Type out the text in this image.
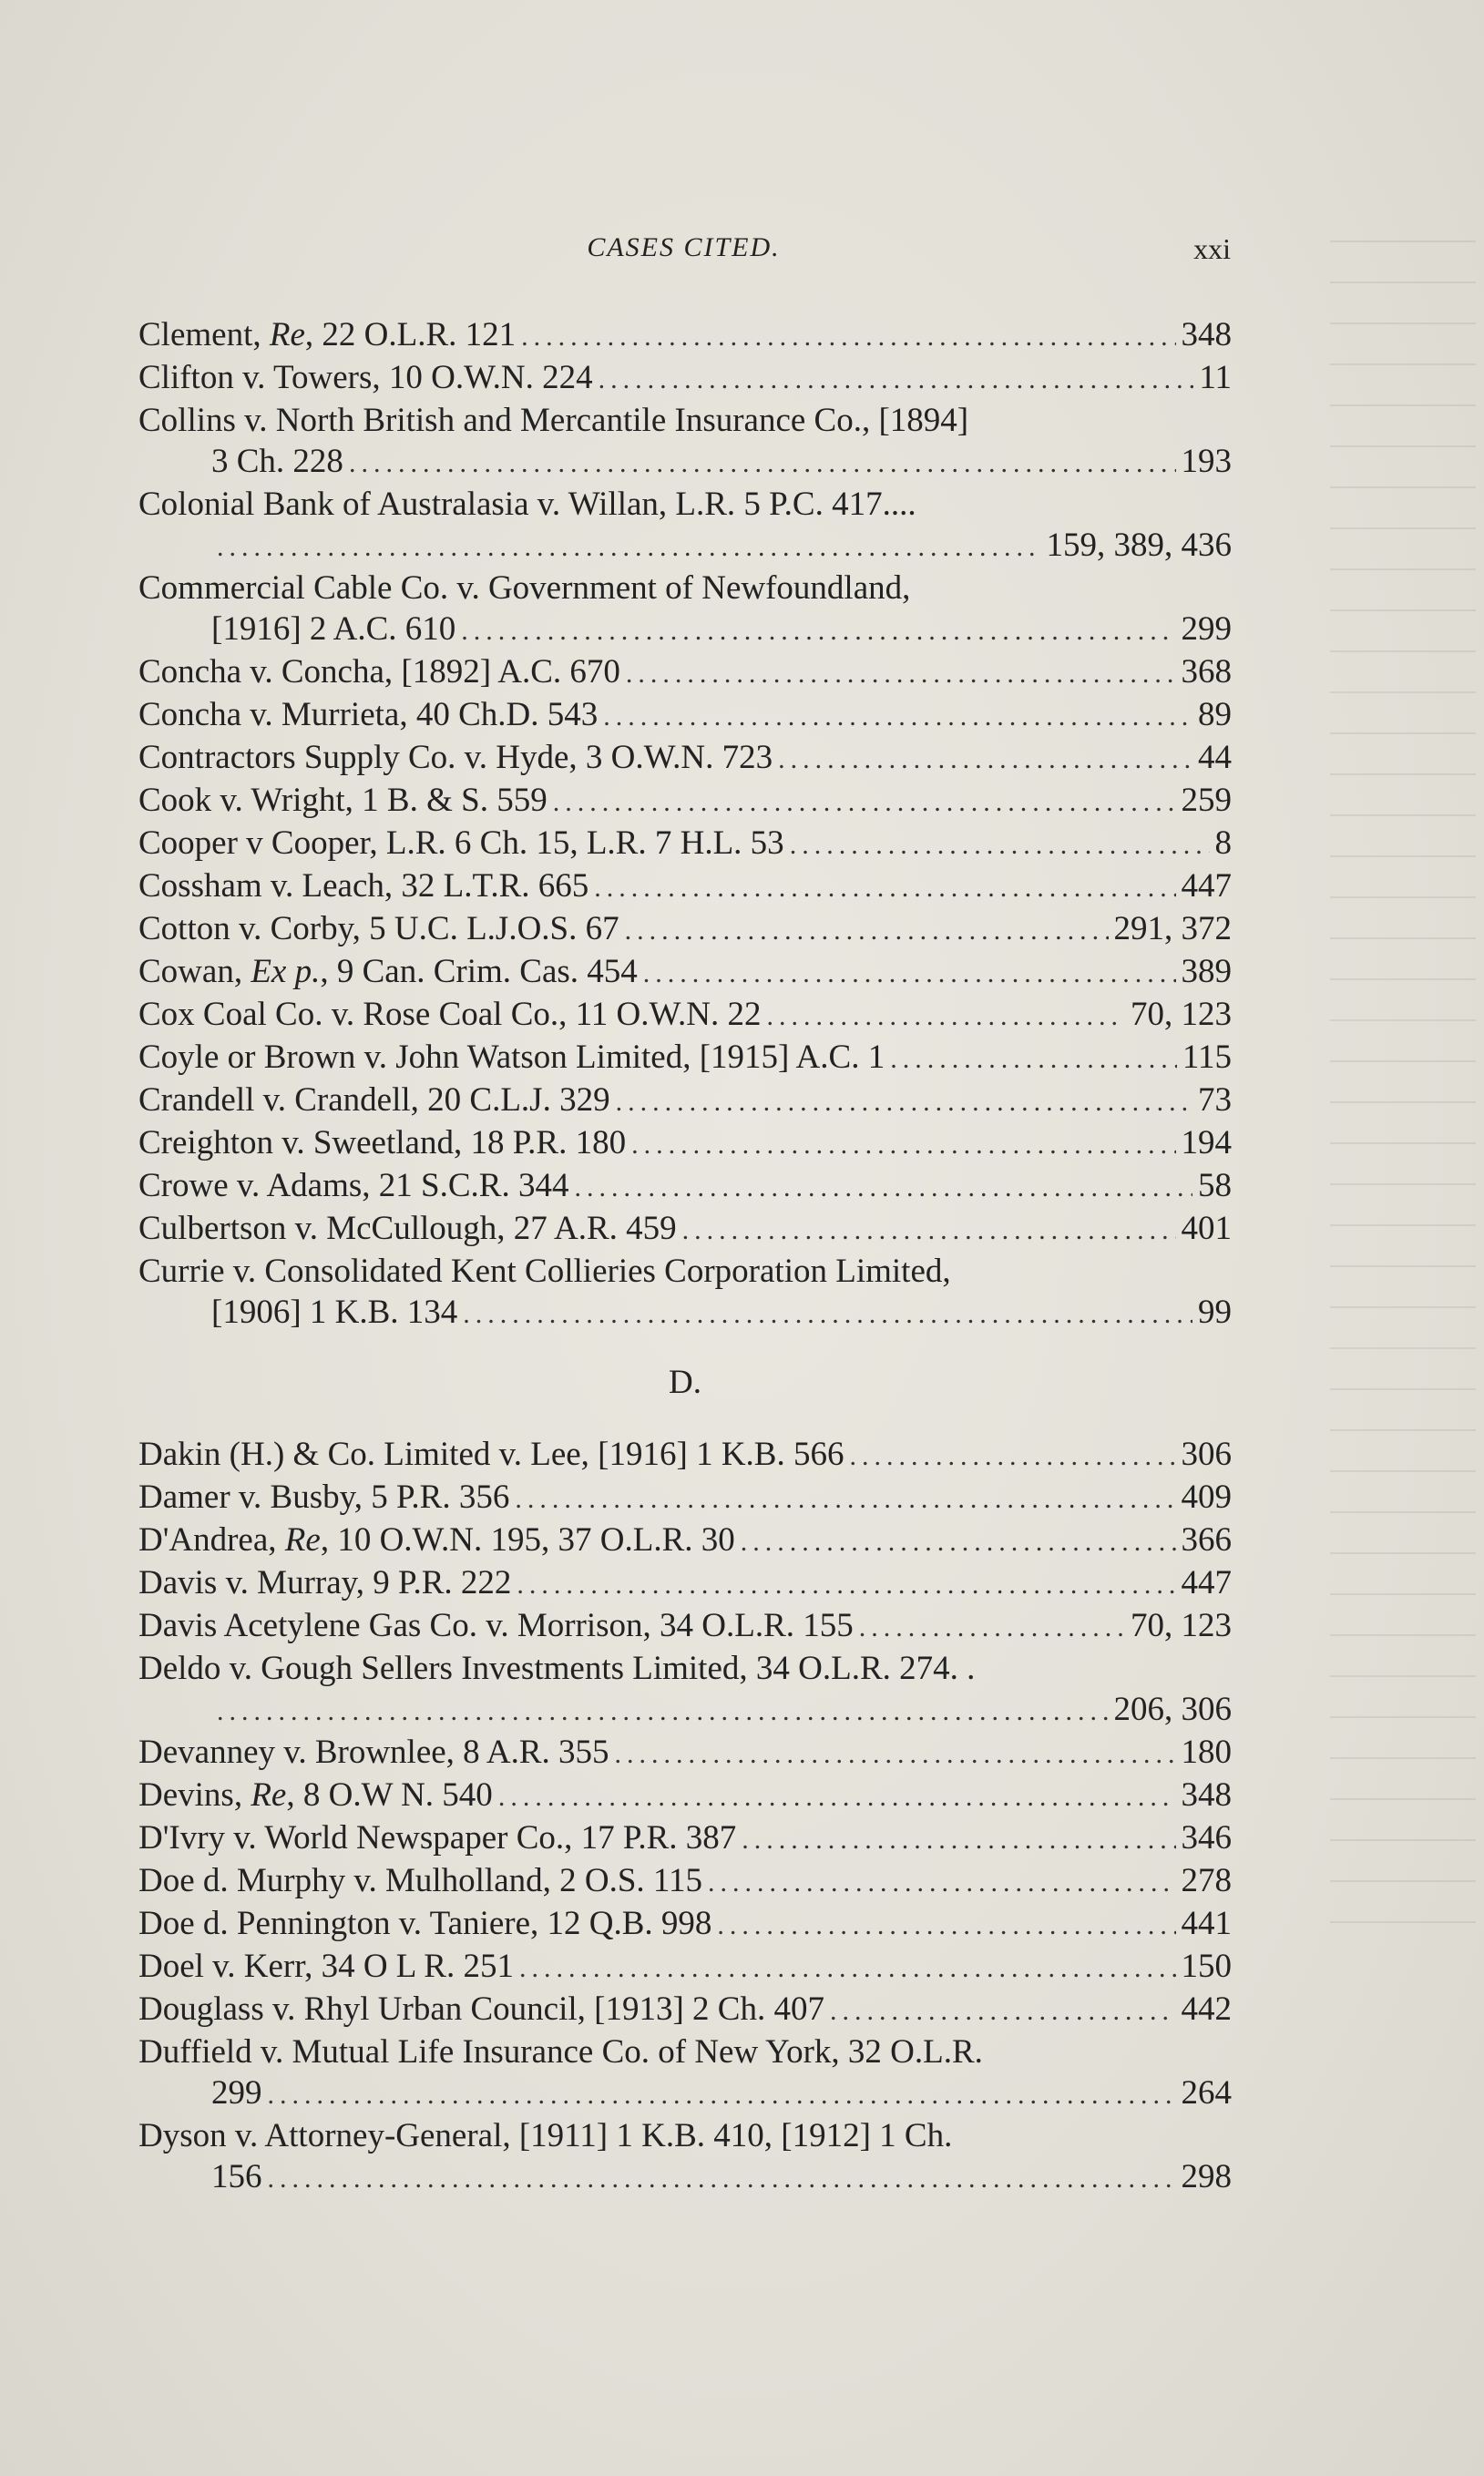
CASES CITED.	xxi
Clement, Re, 22 O.L.R. 121 .....	348
Clifton v. Towers, 10 O.W.N. 224 .....	11
Collins v. North British and Mercantile Insurance Co., [1894]
3 Ch. 228 .....	193
Colonial Bank of Australasia v. Willan, L.R. 5 P.C. 417 ....
.....
159, 389, 436
Commercial Cable Co. v. Government of Newfoundland,
[1916] 2 A.C. 610 .....	299
Concha v. Concha, [1892] A.C. 670 .....	368
Concha v. Murrieta, 40 Ch.D. 543 .....	89
Contractors Supply Co. v. Hyde, 3 O.W.N. 723 .....	44
Cook v. Wright, 1 B. & S. 559 .....	259
Cooper v Cooper, L.R. 6 Ch. 15, L.R. 7 H.L. 53 .....	8
Cossham v. Leach, 32 L.T.R. 665 .....	447
Cotton v. Corby, 5 U.C. L.J.O.S. 67 .....	291, 372
Cowan, Ex p., 9 Can. Crim. Cas. 454 .....	389
Cox Coal Co. v. Rose Coal Co., 11 O.W.N. 22 .....	70, 123
Coyle or Brown v. John Watson Limited, [1915] A.C. 1 .....	115
Crandell v. Crandell, 20 C.L.J. 329 .....	73
Creighton v. Sweetland, 18 P.R. 180 .....	194
Crowe v. Adams, 21 S.C.R. 344 .....	58
Culbertson v. McCullough, 27 A.R. 459 .....	401
Currie v. Consolidated Kent Collieries Corporation Limited,
[1906] 1 K.B. 134 .....	99
D.
Dakin (H.) & Co. Limited v. Lee, [1916] 1 K.B. 566 .....	306
Damer v. Busby, 5 P.R. 356 .....	409
D'Andrea, Re, 10 O.W.N. 195, 37 O.L.R. 30 .....	366
Davis v. Murray, 9 P.R. 222 .....	447
Davis Acetylene Gas Co. v. Morrison, 34 O.L.R. 155 .....	70, 123
Deldo v. Gough Sellers Investments Limited, 34 O.L.R. 274 . .
.....
206, 306
Devanney v. Brownlee, 8 A.R. 355 .....	180
Devins, Re, 8 O.W N. 540 .....	348
D'Ivry v. World Newspaper Co., 17 P.R. 387 .....	346
Doe d. Murphy v. Mulholland, 2 O.S. 115 .....	278
Doe d. Pennington v. Taniere, 12 Q.B. 998 .....	441
Doel v. Kerr, 34 O L R. 251 .....	150
Douglass v. Rhyl Urban Council, [1913] 2 Ch. 407 .....	442
Duffield v. Mutual Life Insurance Co. of New York, 32 O.L.R.
299 .....	264
Dyson v. Attorney-General, [1911] 1 K.B. 410, [1912] 1 Ch.
156 .....	298
